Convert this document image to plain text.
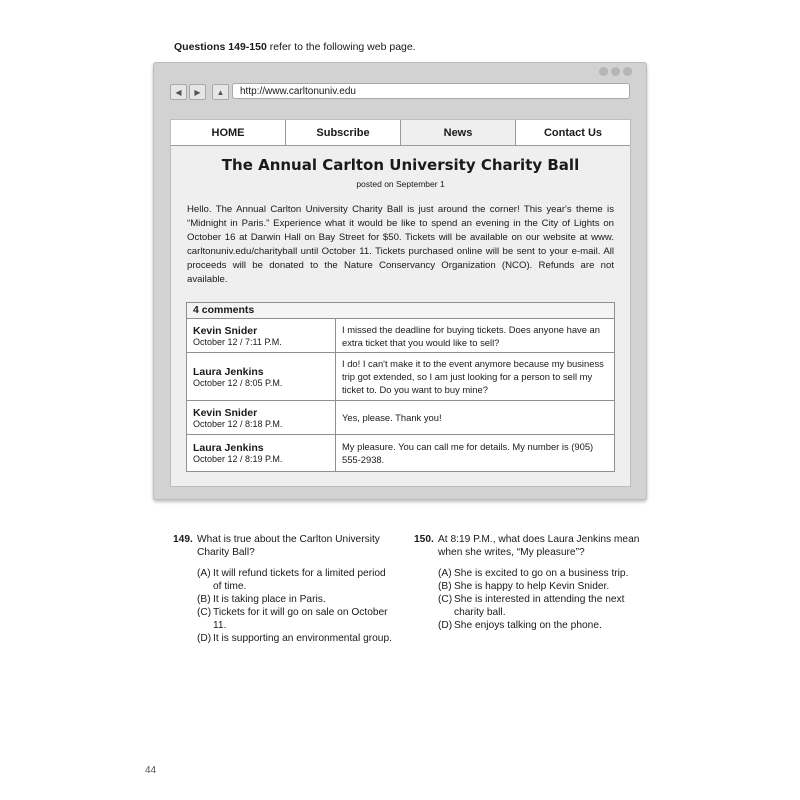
Questions 149-150 refer to the following web page.
◀	▶	▲	http://www.carltonuniv.edu
HOME	Subscribe	News	Contact Us
The Annual Carlton University Charity Ball
posted on September 1
Hello. The Annual Carlton University Charity Ball is just around the corner! This year's theme is “Midnight in Paris.” Experience what it would be like to spend an evening in the City of Lights on October 16 at Darwin Hall on Bay Street for $50. Tickets will be available on our website at www. carltonuniv.edu/charityball until October 11. Tickets purchased online will be sent to your e-mail. All proceeds will be donated to the Nature Conservancy Organization (NCO). Refunds are not available.
4 comments
Kevin Snider
October 12 / 7:11 P.M.
I missed the deadline for buying tickets. Does anyone have an extra ticket that you would like to sell?
Laura Jenkins
October 12 / 8:05 P.M.
I do! I can't make it to the event anymore because my business trip got extended, so I am just looking for a person to sell my ticket to. Do you want to buy mine?
Kevin Snider
October 12 / 8:18 P.M.
Yes, please. Thank you!
Laura Jenkins
October 12 / 8:19 P.M.
My pleasure. You can call me for details. My number is (905) 555-2938.
149. What is true about the Carlton University Charity Ball?
(A) It will refund tickets for a limited period of time.
(B) It is taking place in Paris.
(C) Tickets for it will go on sale on October 11.
(D) It is supporting an environmental group.
150. At 8:19 P.M., what does Laura Jenkins mean when she writes, “My pleasure”?
(A) She is excited to go on a business trip.
(B) She is happy to help Kevin Snider.
(C) She is interested in attending the next charity ball.
(D) She enjoys talking on the phone.
44
